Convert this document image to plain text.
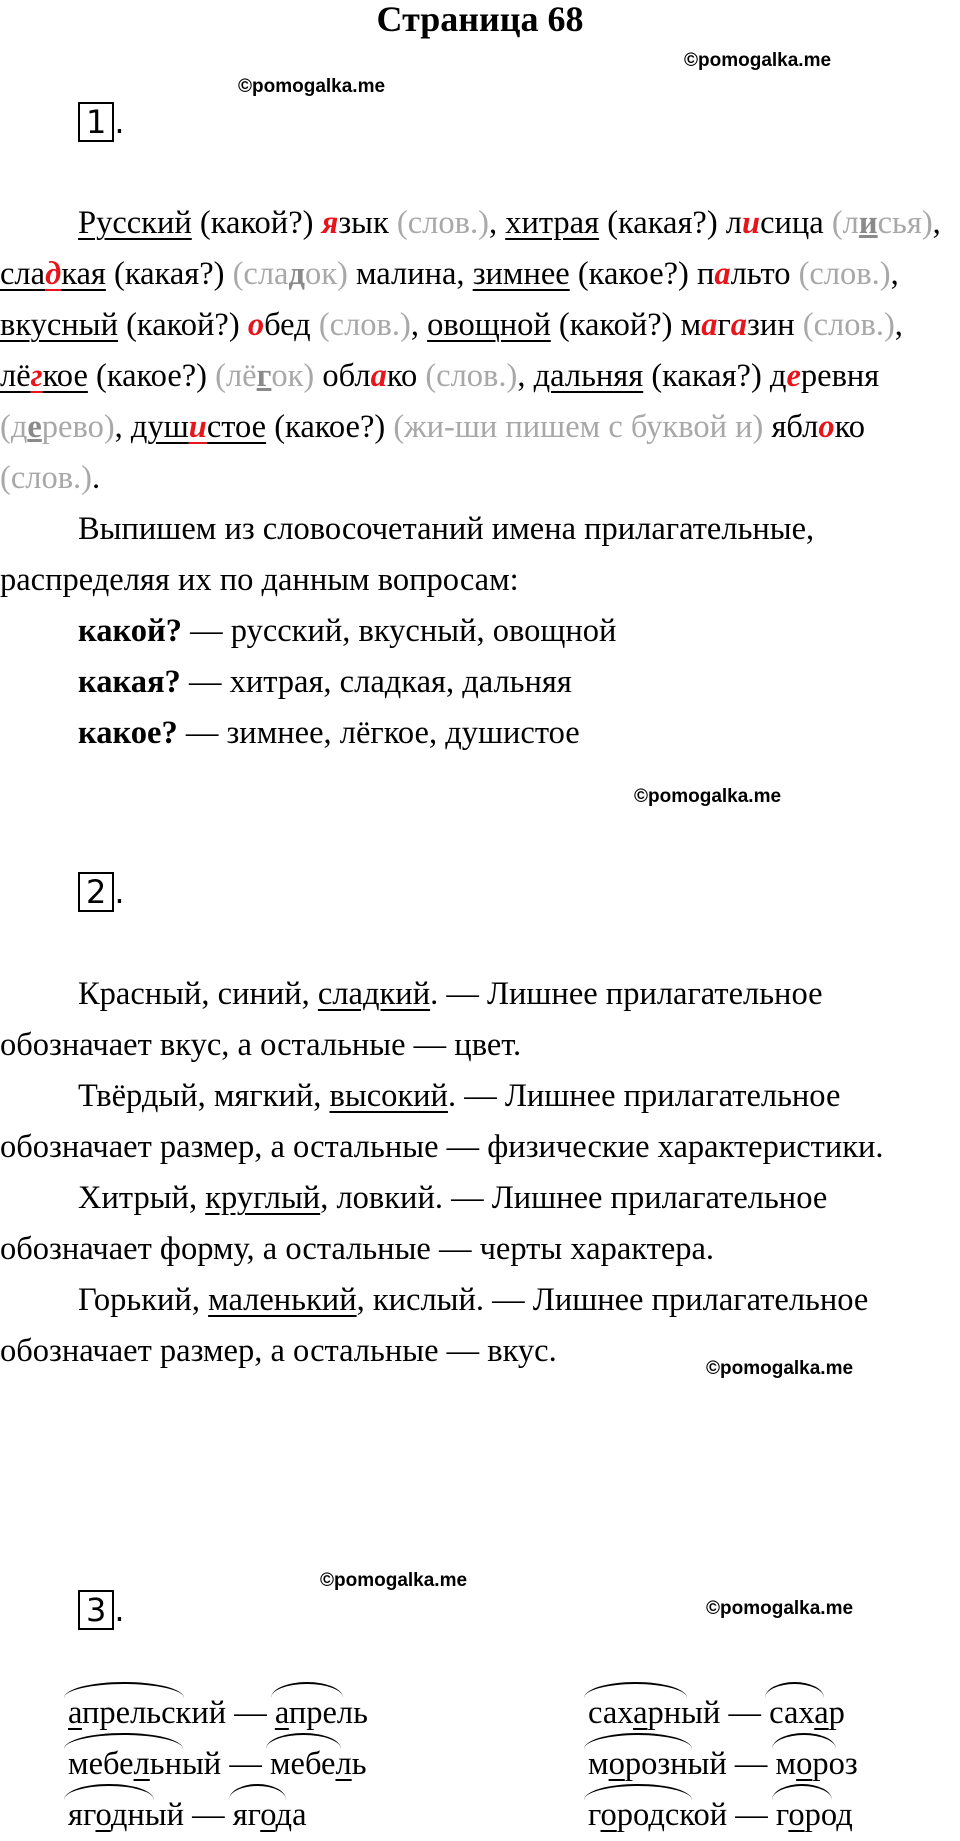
Страница 68
©pomogalka.me
©pomogalka.me
1 .

Русский (какой?) язык (слов.), хитрая (какая?) лисица (лисья), сладкая (какая?) (сладок) малина, зимнее (какое?) пальто (слов.), вкусный (какой?) обед (слов.), овощной (какой?) магазин (слов.), лёгкое (какое?) (лёгок) облако (слов.), дальняя (какая?) деревня (дерево), душистое (какое?) (жи-ши пишем с буквой и) яблоко (слов.).

Выпишем из словосочетаний имена прилагательные, распределяя их по данным вопросам:

какой? — русский, вкусный, овощной

какая? — хитрая, сладкая, дальняя

какое? — зимнее, лёгкое, душистое

©pomogalka.me
2 .

Красный, синий, сладкий. — Лишнее прилагательное обозначает вкус, а остальные — цвет.

Твёрдый, мягкий, высокий. — Лишнее прилагательное обозначает размер, а остальные — физические характеристики.

Хитрый, круглый, ловкий. — Лишнее прилагательное обозначает форму, а остальные — черты характера.

Горький, маленький, кислый. — Лишнее прилагательное обозначает размер, а остальные — вкус.	©pomogalka.me
©pomogalka.me
©pomogalka.me
3 .
апрельский
— апрель
мебельный
— мебель
ягодный
— ягода
сахарный
— сахар
морозный
— мороз
городской
— город
